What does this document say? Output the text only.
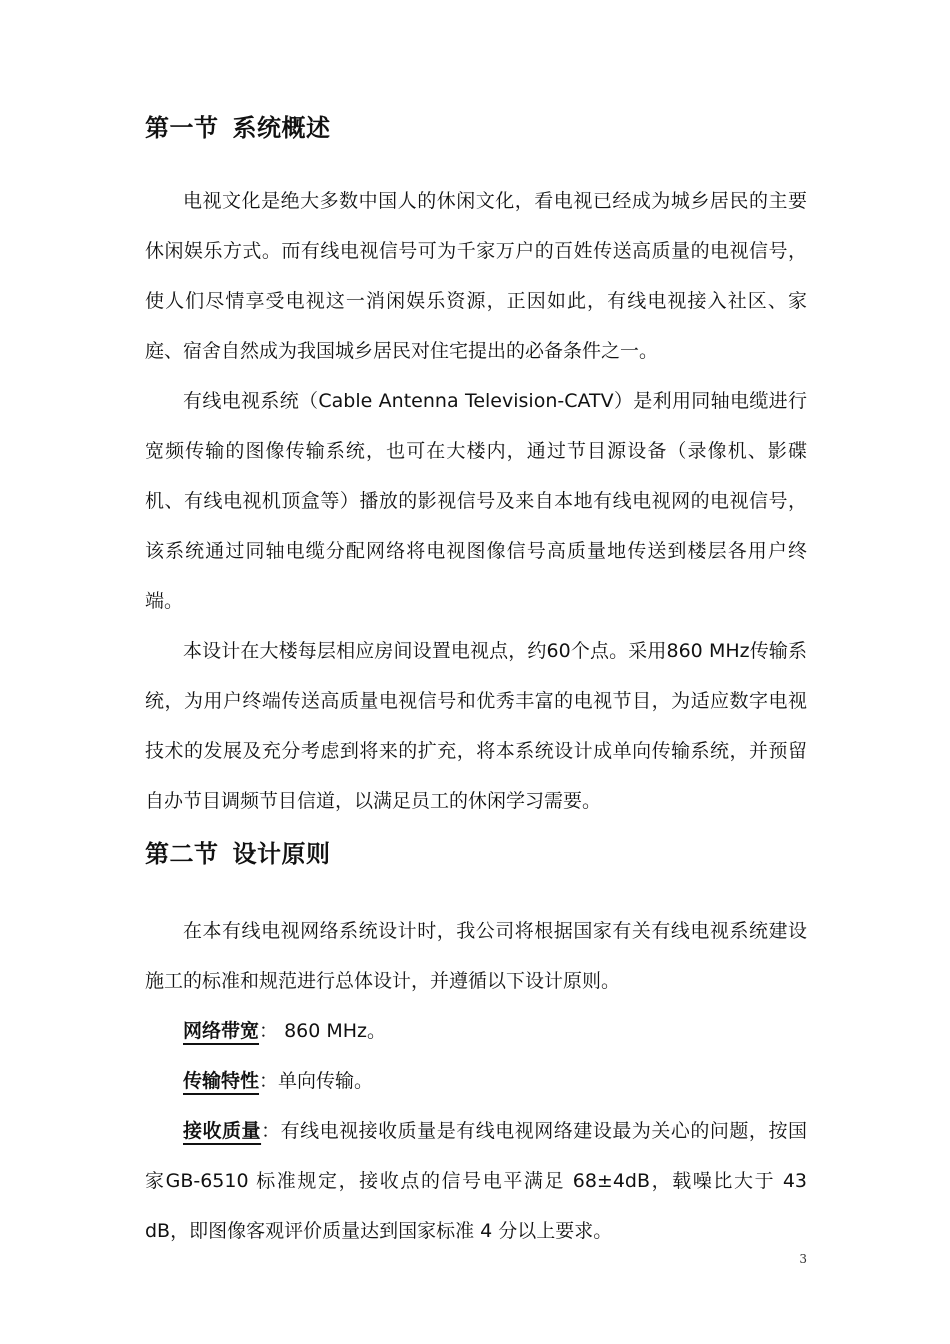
第一节 系统概述

电视文化是绝大多数中国人的休闲文化，看电视已经成为城乡居民的主要休闲娱乐方式。而有线电视信号可为千家万户的百姓传送高质量的电视信号，使人们尽情享受电视这一消闲娱乐资源，正因如此，有线电视接入社区、家庭、宿舍自然成为我国城乡居民对住宅提出的必备条件之一。

有线电视系统（Cable Antenna Television-CATV）是利用同轴电缆进行宽频传输的图像传输系统，也可在大楼内，通过节目源设备（录像机、影碟机、有线电视机顶盒等）播放的影视信号及来自本地有线电视网的电视信号，该系统通过同轴电缆分配网络将电视图像信号高质量地传送到楼层各用户终端。

本设计在大楼每层相应房间设置电视点，约60个点。采用860 MHz传输系统，为用户终端传送高质量电视信号和优秀丰富的电视节目，为适应数字电视技术的发展及充分考虑到将来的扩充，将本系统设计成单向传输系统，并预留自办节目调频节目信道，以满足员工的休闲学习需要。

第二节 设计原则

在本有线电视网络系统设计时，我公司将根据国家有关有线电视系统建设施工的标准和规范进行总体设计，并遵循以下设计原则。

网络带宽： 860 MHz。

传输特性：单向传输。

接收质量：有线电视接收质量是有线电视网络建设最为关心的问题，按国家GB-6510 标准规定，接收点的信号电平满足 68±4dB，载噪比大于 43 dB，即图像客观评价质量达到国家标准 4 分以上要求。

3
